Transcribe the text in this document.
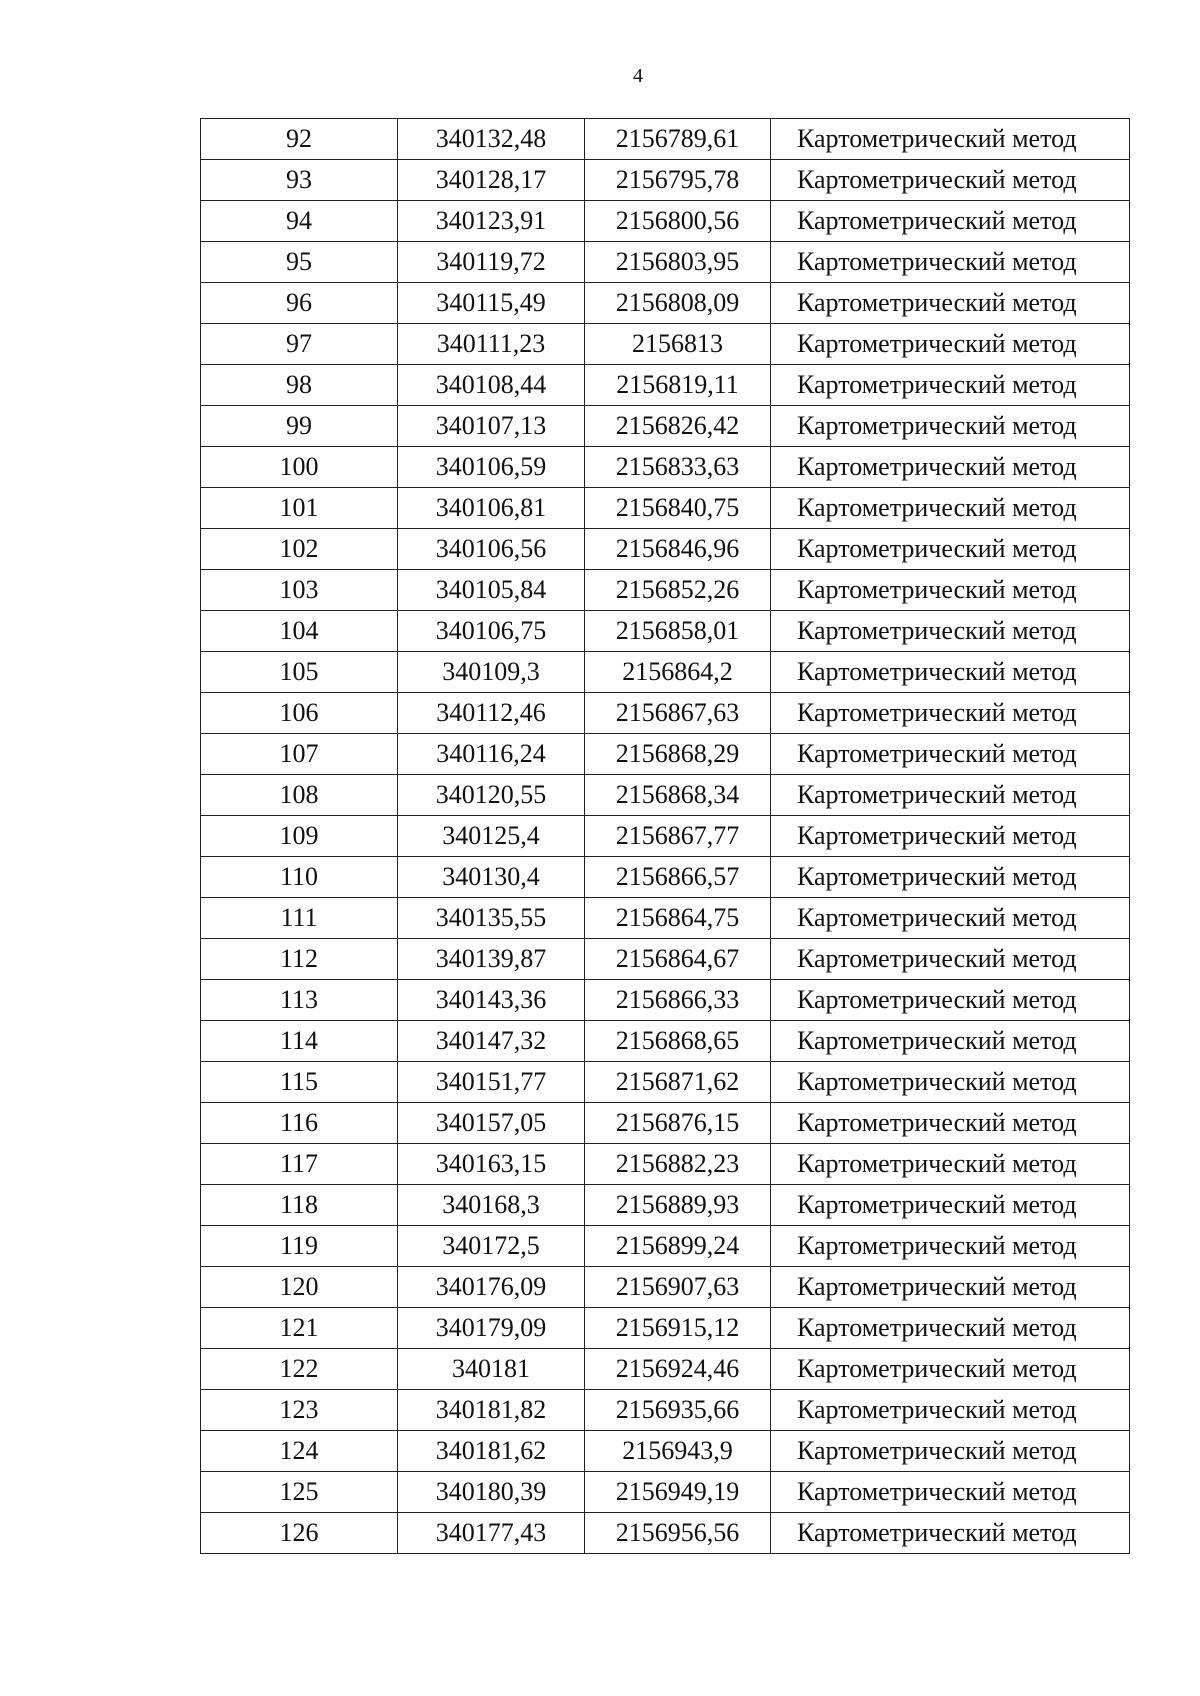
4
92	340132,48	2156789,61	Картометрический метод
93	340128,17	2156795,78	Картометрический метод
94	340123,91	2156800,56	Картометрический метод
95	340119,72	2156803,95	Картометрический метод
96	340115,49	2156808,09	Картометрический метод
97	340111,23	2156813	Картометрический метод
98	340108,44	2156819,11	Картометрический метод
99	340107,13	2156826,42	Картометрический метод
100	340106,59	2156833,63	Картометрический метод
101	340106,81	2156840,75	Картометрический метод
102	340106,56	2156846,96	Картометрический метод
103	340105,84	2156852,26	Картометрический метод
104	340106,75	2156858,01	Картометрический метод
105	340109,3	2156864,2	Картометрический метод
106	340112,46	2156867,63	Картометрический метод
107	340116,24	2156868,29	Картометрический метод
108	340120,55	2156868,34	Картометрический метод
109	340125,4	2156867,77	Картометрический метод
110	340130,4	2156866,57	Картометрический метод
111	340135,55	2156864,75	Картометрический метод
112	340139,87	2156864,67	Картометрический метод
113	340143,36	2156866,33	Картометрический метод
114	340147,32	2156868,65	Картометрический метод
115	340151,77	2156871,62	Картометрический метод
116	340157,05	2156876,15	Картометрический метод
117	340163,15	2156882,23	Картометрический метод
118	340168,3	2156889,93	Картометрический метод
119	340172,5	2156899,24	Картометрический метод
120	340176,09	2156907,63	Картометрический метод
121	340179,09	2156915,12	Картометрический метод
122	340181	2156924,46	Картометрический метод
123	340181,82	2156935,66	Картометрический метод
124	340181,62	2156943,9	Картометрический метод
125	340180,39	2156949,19	Картометрический метод
126	340177,43	2156956,56	Картометрический метод
